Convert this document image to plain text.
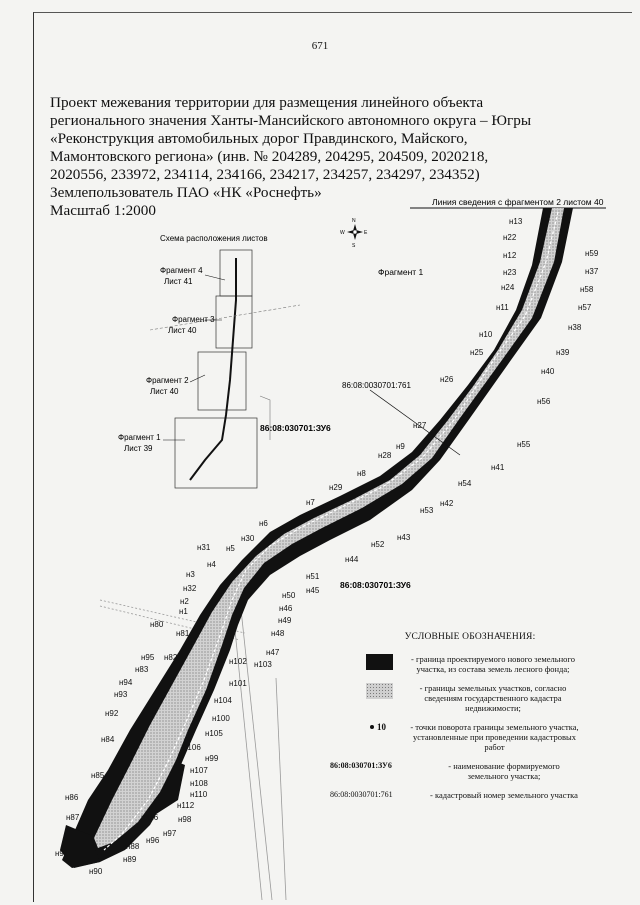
671
Проект межевания территории для размещения линейного объекта
регионального значения Ханты-Мансийского автономного округа – Югры
«Реконструкция автомобильных дорог Правдинского, Майского,
Мамонтовского региона» (инв. № 204289, 204295, 204509, 2020218,
2020556, 233972, 234114, 234166, 234217, 234257, 234297, 234352)
Землепользователь ПАО «НК «Роснефть»
Масштаб 1:2000	Линия сведения с фрагментом 2 листом 40
N
S
W	E
Фрагмент 1
86:08:0030701:761
86:08:030701:ЗУ6
86:08:030701:ЗУ6
Схема расположения листов
Фрагмент 4
Лист 41
Фрагмент 3
Лист 40
Фрагмент 2
Лист 40
Фрагмент 1
Лист 39
н13
н22
н12
н23
н24
н11
н10
н25
н59
н37
н58
н57
н38
н39
н40
н56
н26
н27
н55
н9
н41
н28
н8
н54
н29
н42
н53
н7
н43
н52
н6
н30
н44
н31 н5
н4
н51
н3
н45
н32
н50
н2
н46
н1
н49
н80
н81	н48
н82
н95
н47
н102 н103
н83
н94	н101
н93
н104
н92
н100
н105
н84
н106
н99
н107
н85
н108
н110
н86
н112
н116 н98
н87
н97
н96
н88
н91
н89
н90
УСЛОВНЫЕ ОБОЗНАЧЕНИЯ:
- граница проектируемого нового земельного
участка, из состава земель лесного фонда;
- границы земельных участков, согласно
сведениям государственного кадастра
недвижимости;
10	- точки поворота границы земельного участка,
установленные при проведении кадастровых
работ
86:08:030701:ЗУ6	- наименование формируемого
земельного участка;
86:08:0030701:761	- кадастровый номер земельного участка
